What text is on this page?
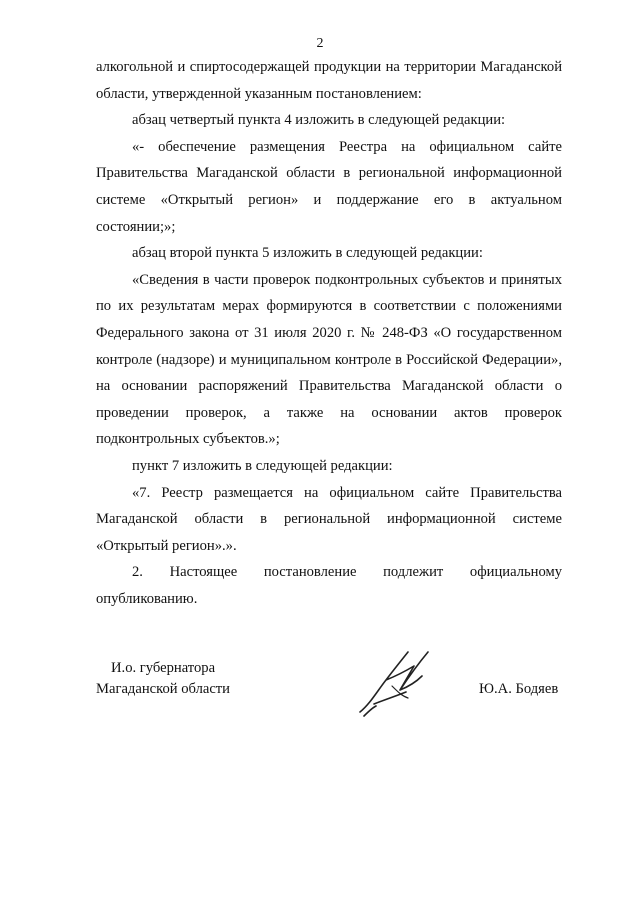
2

алкогольной и спиртосодержащей продукции на территории Магаданской области, утвержденной указанным постановлением:

абзац четвертый пункта 4 изложить в следующей редакции:

«- обеспечение размещения Реестра на официальном сайте Правительства Магаданской области в региональной информационной системе «Открытый регион» и поддержание его в актуальном состоянии;»;

абзац второй пункта 5 изложить в следующей редакции:

«Сведения в части проверок подконтрольных субъектов и принятых по их результатам мерах формируются в соответствии с положениями Федерального закона от 31 июля 2020 г. № 248-ФЗ «О государственном контроле (надзоре) и муниципальном контроле в Российской Федерации», на основании распоряжений Правительства Магаданской области о проведении проверок, а также на основании актов проверок подконтрольных субъектов.»;

пункт 7 изложить в следующей редакции:

«7. Реестр размещается на официальном сайте Правительства Магаданской области в региональной информационной системе «Открытый регион».».

2. Настоящее постановление подлежит официальному опубликованию.

И.о. губернатора
Магаданской области	Ю.А. Бодяев
